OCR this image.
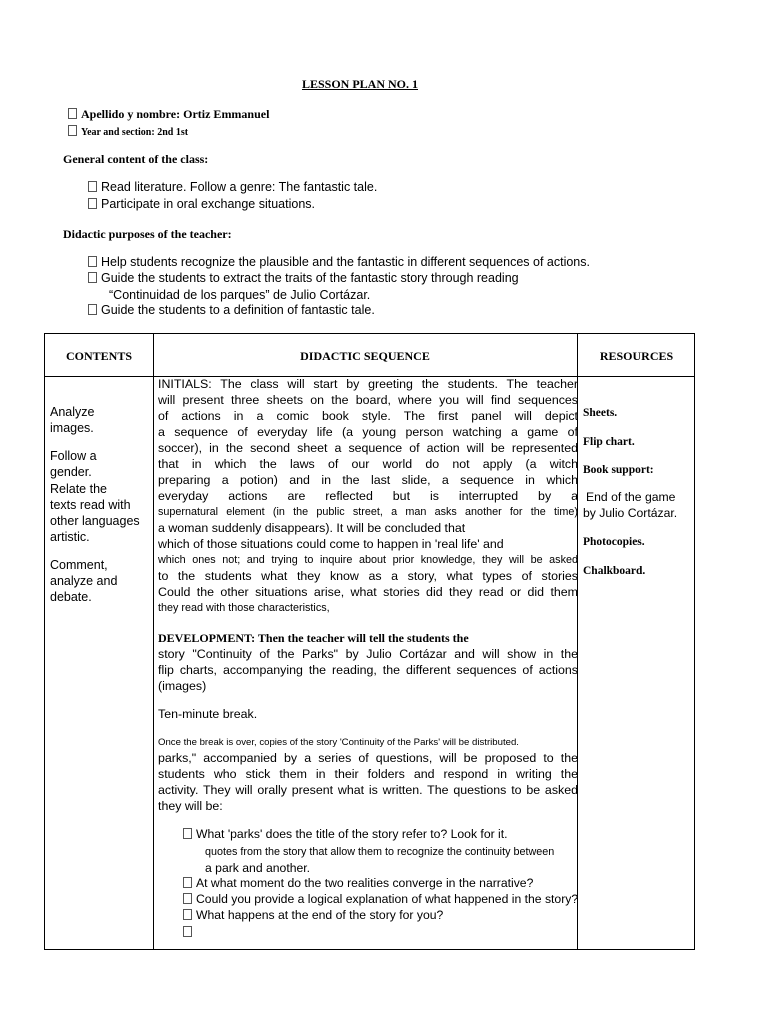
LESSON PLAN NO. 1
Apellido y nombre: Ortiz Emmanuel
Year and section: 2nd 1st
General content of the class:
Read literature. Follow a genre: The fantastic tale.
Participate in oral exchange situations.
Didactic purposes of the teacher:
Help students recognize the plausible and the fantastic in different sequences of actions.
Guide the students to extract the traits of the fantastic story through reading
“Continuidad de los parques” de Julio Cortázar.
Guide the students to a definition of fantastic tale.
CONTENTS	DIDACTIC SEQUENCE	RESOURCES
Analyze
images.
Follow a
gender.
Relate the
texts read with
other languages
artistic.
Comment,
analyze and
debate.
INITIALS: The class will start by greeting the students. The teacher
will present three sheets on the board, where you will find sequences
of actions in a comic book style. The first panel will depict
a sequence of everyday life (a young person watching a game of
soccer), in the second sheet a sequence of action will be represented
that in which the laws of our world do not apply (a witch
preparing a potion) and in the last slide, a sequence in which
everyday actions are reflected but is interrupted by a
supernatural element (in the public street, a man asks another for the time)
a woman suddenly disappears). It will be concluded that
which of those situations could come to happen in 'real life' and
which ones not; and trying to inquire about prior knowledge, they will be asked
to the students what they know as a story, what types of stories
Could the other situations arise, what stories did they read or did them
they read with those characteristics,
DEVELOPMENT: Then the teacher will tell the students the
story "Continuity of the Parks" by Julio Cortázar and will show in the
flip charts, accompanying the reading, the different sequences of actions
(images)
Ten-minute break.
Once the break is over, copies of the story 'Continuity of the Parks' will be distributed.
parks," accompanied by a series of questions, will be proposed to the
students who stick them in their folders and respond in writing the
activity. They will orally present what is written. The questions to be asked
they will be:
What 'parks' does the title of the story refer to? Look for it.
quotes from the story that allow them to recognize the continuity between
a park and another.
At what moment do the two realities converge in the narrative?
Could you provide a logical explanation of what happened in the story?
What happens at the end of the story for you?
Sheets.
Flip chart.
Book support:
End of the game
by Julio Cortázar.
Photocopies.
Chalkboard.
